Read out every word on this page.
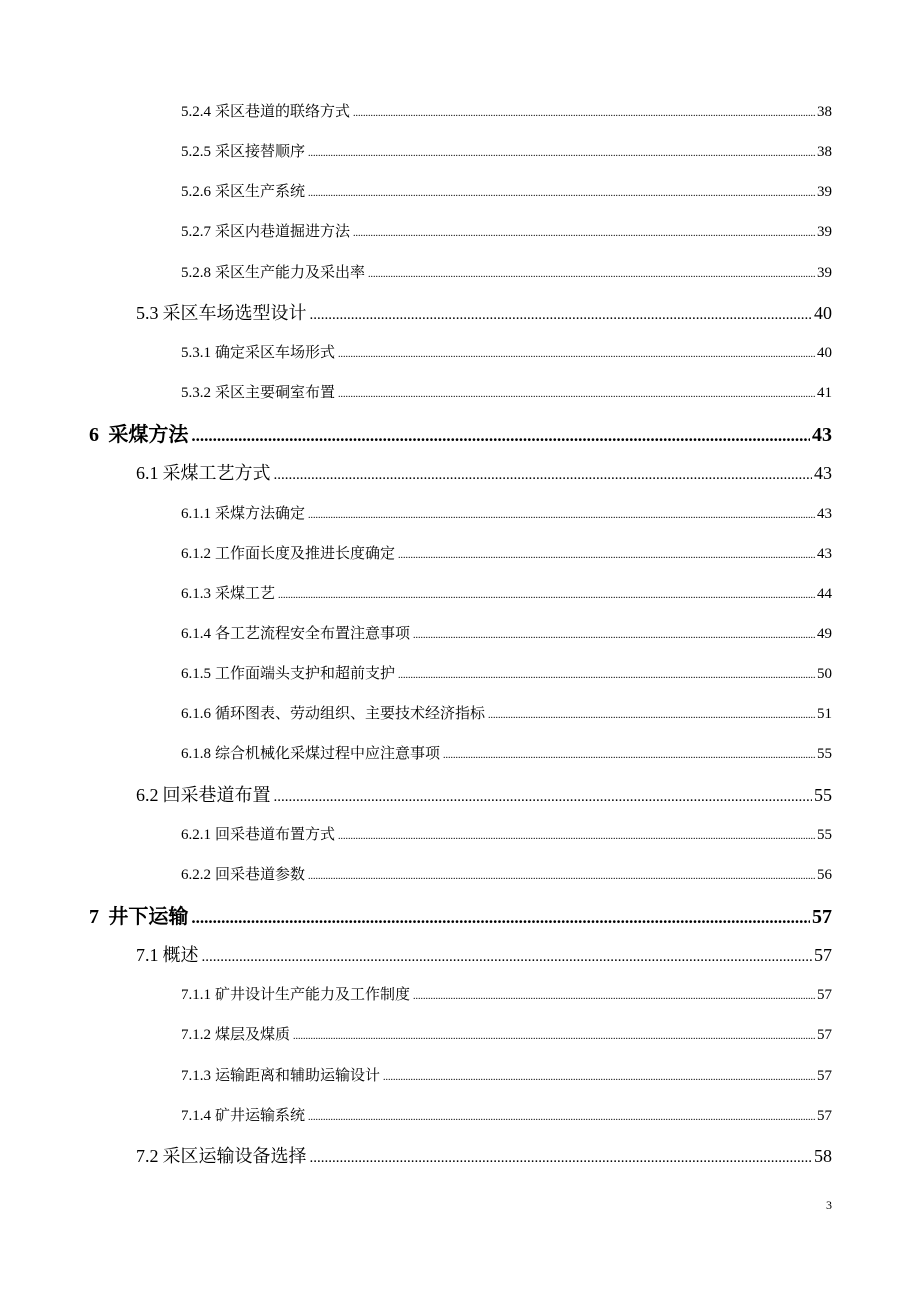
5.2.4 采区巷道的联络方式 .....	38
5.2.5 采区接替顺序 .....	38
5.2.6 采区生产系统 .....	39
5.2.7 采区内巷道掘进方法 .....	39
5.2.8 采区生产能力及采出率 .....	39
5.3 采区车场选型设计 .....	40
5.3.1 确定采区车场形式 .....	40
5.3.2 采区主要硐室布置 .....	41
6 采煤方法 .....	43
6.1 采煤工艺方式 .....	43
6.1.1 采煤方法确定 .....	43
6.1.2 工作面长度及推进长度确定 .....	43
6.1.3 采煤工艺 .....	44
6.1.4 各工艺流程安全布置注意事项 .....	49
6.1.5 工作面端头支护和超前支护 .....	50
6.1.6 循环图表、劳动组织、主要技术经济指标 .....	51
6.1.8 综合机械化采煤过程中应注意事项 .....	55
6.2 回采巷道布置 .....	55
6.2.1 回采巷道布置方式 .....	55
6.2.2 回采巷道参数 .....	56
7 井下运输 .....	57
7.1 概述 .....	57
7.1.1 矿井设计生产能力及工作制度 .....	57
7.1.2 煤层及煤质 .....	57
7.1.3 运输距离和辅助运输设计 .....	57
7.1.4 矿井运输系统 .....	57
7.2 采区运输设备选择 .....	58
3
